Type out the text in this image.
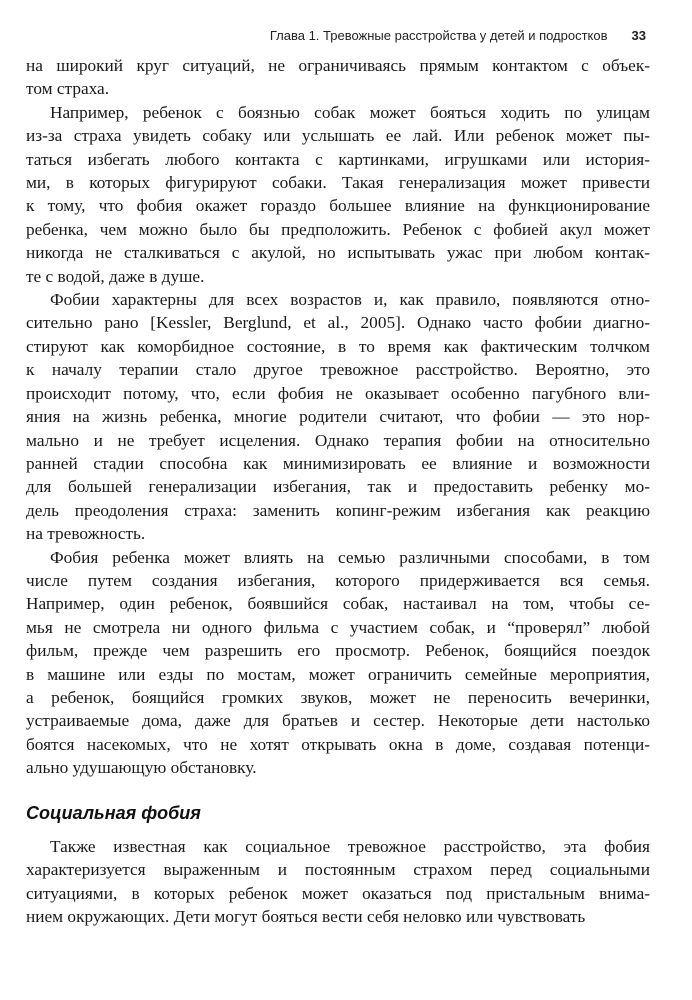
Глава 1. Тревожные расстройства у детей и подростков 33
на широкий круг ситуаций, не ограничиваясь прямым контактом с объек-
том страха.
Например, ребенок с боязнью собак может бояться ходить по улицам
из-за страха увидеть собаку или услышать ее лай. Или ребенок может пы-
таться избегать любого контакта с картинками, игрушками или история-
ми, в которых фигурируют собаки. Такая генерализация может привести
к тому, что фобия окажет гораздо большее влияние на функционирование
ребенка, чем можно было бы предположить. Ребенок с фобией акул может
никогда не сталкиваться с акулой, но испытывать ужас при любом контак-
те с водой, даже в душе.
Фобии характерны для всех возрастов и, как правило, появляются отно-
сительно рано [Kessler, Berglund, et al., 2005]. Однако часто фобии диагно-
стируют как коморбидное состояние, в то время как фактическим толчком
к началу терапии стало другое тревожное расстройство. Вероятно, это
происходит потому, что, если фобия не оказывает особенно пагубного вли-
яния на жизнь ребенка, многие родители считают, что фобии — это нор-
мально и не требует исцеления. Однако терапия фобии на относительно
ранней стадии способна как минимизировать ее влияние и возможности
для большей генерализации избегания, так и предоставить ребенку мо-
дель преодоления страха: заменить копинг-режим избегания как реакцию
на тревожность.
Фобия ребенка может влиять на семью различными способами, в том
числе путем создания избегания, которого придерживается вся семья.
Например, один ребенок, боявшийся собак, настаивал на том, чтобы се-
мья не смотрела ни одного фильма с участием собак, и “проверял” любой
фильм, прежде чем разрешить его просмотр. Ребенок, боящийся поездок
в машине или езды по мостам, может ограничить семейные мероприятия,
а ребенок, боящийся громких звуков, может не переносить вечеринки,
устраиваемые дома, даже для братьев и сестер. Некоторые дети настолько
боятся насекомых, что не хотят открывать окна в доме, создавая потенци-
ально удушающую обстановку.
Социальная фобия
Также известная как социальное тревожное расстройство, эта фобия
характеризуется выраженным и постоянным страхом перед социальными
ситуациями, в которых ребенок может оказаться под пристальным внима-
нием окружающих. Дети могут бояться вести себя неловко или чувствовать
